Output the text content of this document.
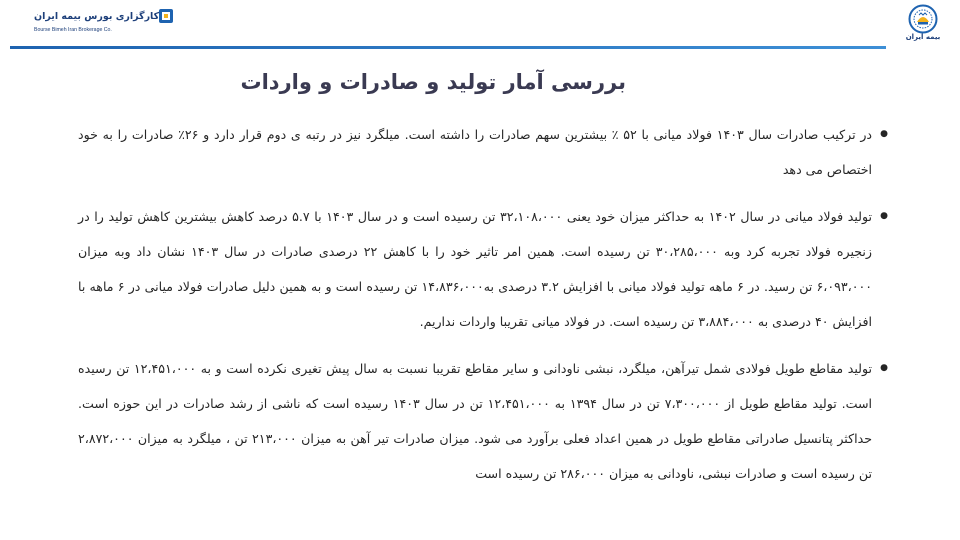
کارگزاری بورس بیمه ایران
Bourse Bimeh Iran Brokerage Co.
بیمه ایران
بررسی آمار تولید و صادرات و واردات

●
در ترکیب صادرات سال ۱۴۰۳ فولاد میانی با ۵۲ ٪ بیشترین سهم صادرات را داشته است. میلگرد نیز در رتبه ی دوم قرار دارد و ۲۶٪ صادرات را به خود اختصاص می دهد

●
تولید فولاد میانی در سال ۱۴۰۲ به حداکثر میزان خود یعنی ۳۲،۱۰۸،۰۰۰ تن رسیده است و در سال ۱۴۰۳ با ۵.۷ درصد کاهش بیشترین کاهش تولید را در زنجیره فولاد تجربه کرد وبه ۳۰،۲۸۵،۰۰۰ تن رسیده است. همین امر تاثیر خود را با کاهش ۲۲ درصدی صادرات در سال ۱۴۰۳ نشان داد وبه میزان ۶،۰۹۳،۰۰۰ تن رسید. در ۶ ماهه تولید فولاد میانی با افزایش ۳.۲ درصدی به۱۴،۸۳۶،۰۰۰ تن رسیده است و به همین دلیل صادرات فولاد میانی در ۶ ماهه با افزایش ۴۰ درصدی به ۳،۸۸۴،۰۰۰ تن رسیده است. در فولاد میانی تقریبا واردات نداریم.

●
تولید مقاطع طویل فولادی شمل تیرآهن، میلگرد، نبشی ناودانی و سایر مقاطع تقریبا نسبت به سال پیش تغیری نکرده است و به ۱۲،۴۵۱،۰۰۰ تن رسیده است. تولید مقاطع طویل از ۷،۳۰۰،۰۰۰ تن در سال ۱۳۹۴ به ۱۲،۴۵۱،۰۰۰ تن در سال ۱۴۰۳ رسیده است که ناشی از رشد صادرات در این حوزه است. حداکثر پتانسیل صادراتی مقاطع طویل در همین اعداد فعلی برآورد می شود. میزان صادرات تیر آهن به میزان ۲۱۳،۰۰۰ تن ، میلگرد به میزان ۲،۸۷۲،۰۰۰ تن رسیده است و صادرات نبشی، ناودانی به میزان ۲۸۶،۰۰۰ تن رسیده است
